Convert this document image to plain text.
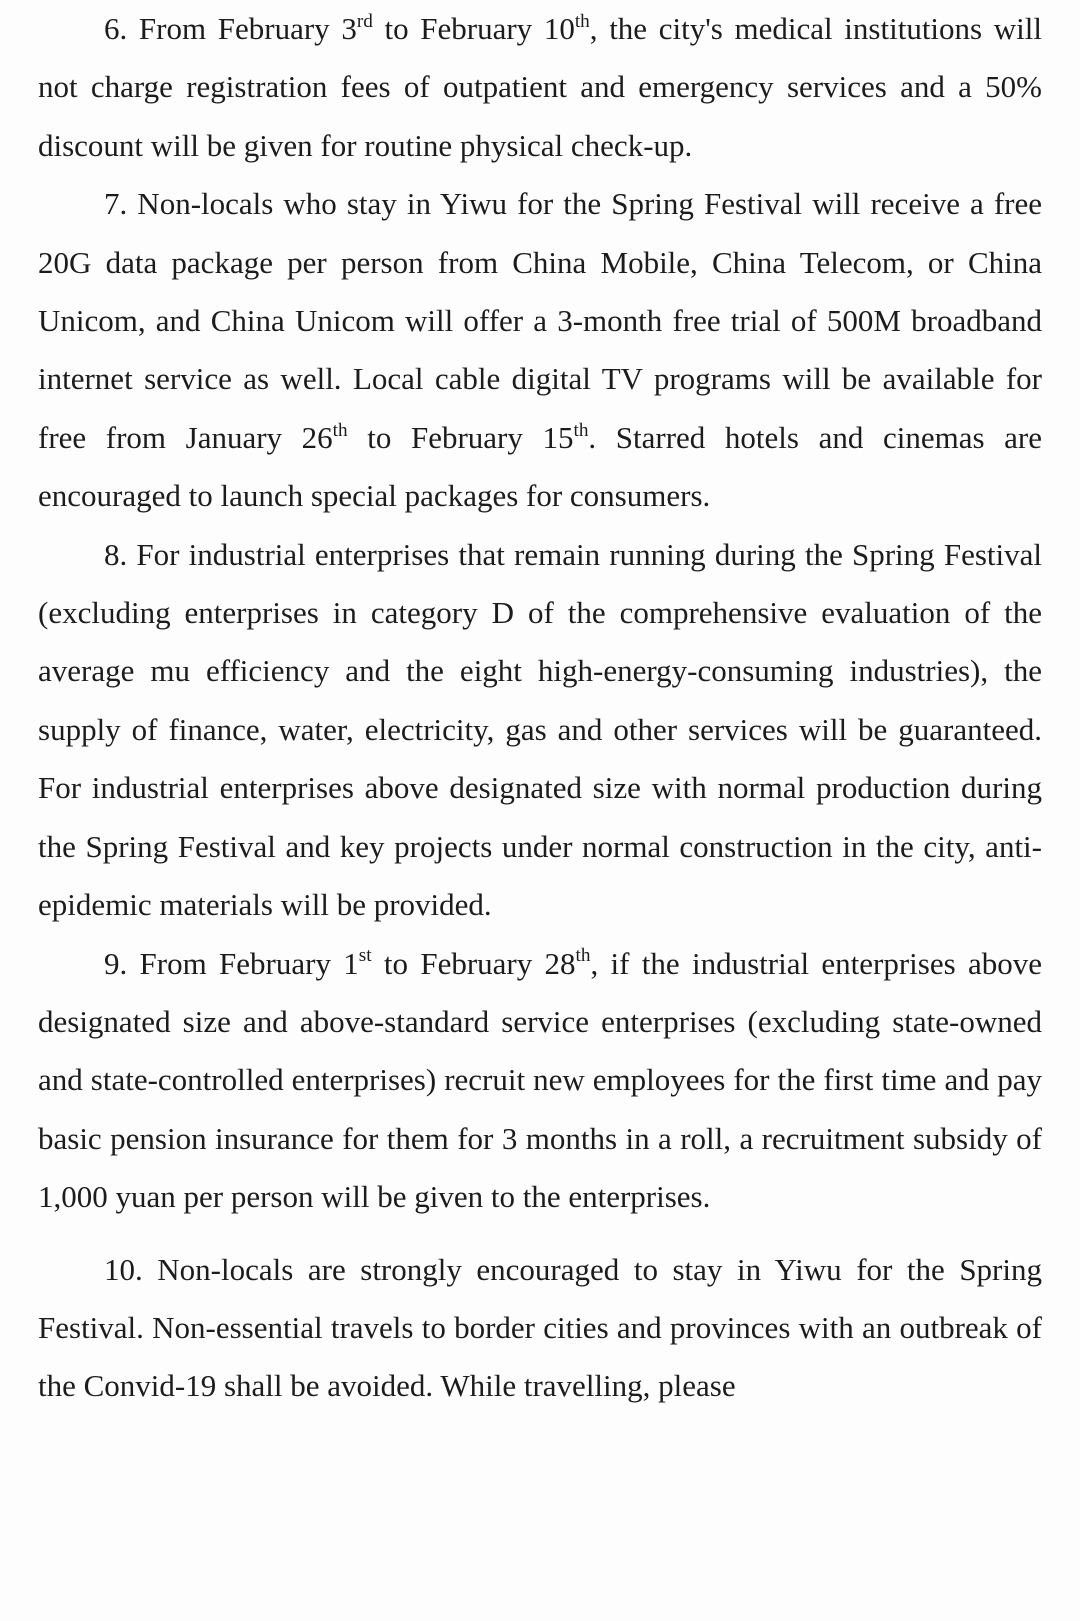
6. From February 3rd to February 10th, the city's medical institutions will not charge registration fees of outpatient and emergency services and a 50% discount will be given for routine physical check-up.

7. Non-locals who stay in Yiwu for the Spring Festival will receive a free 20G data package per person from China Mobile, China Telecom, or China Unicom, and China Unicom will offer a 3-month free trial of 500M broadband internet service as well. Local cable digital TV programs will be available for free from January 26th to February 15th. Starred hotels and cinemas are encouraged to launch special packages for consumers.

8. For industrial enterprises that remain running during the Spring Festival (excluding enterprises in category D of the comprehensive evaluation of the average mu efficiency and the eight high-energy-consuming industries), the supply of finance, water, electricity, gas and other services will be guaranteed. For industrial enterprises above designated size with normal production during the Spring Festival and key projects under normal construction in the city, anti-epidemic materials will be provided.

9. From February 1st to February 28th, if the industrial enterprises above designated size and above-standard service enterprises (excluding state-owned and state-controlled enterprises) recruit new employees for the first time and pay basic pension insurance for them for 3 months in a roll, a recruitment subsidy of 1,000 yuan per person will be given to the enterprises.

10. Non-locals are strongly encouraged to stay in Yiwu for the Spring Festival. Non-essential travels to border cities and provinces with an outbreak of the Convid-19 shall be avoided. While travelling, please
